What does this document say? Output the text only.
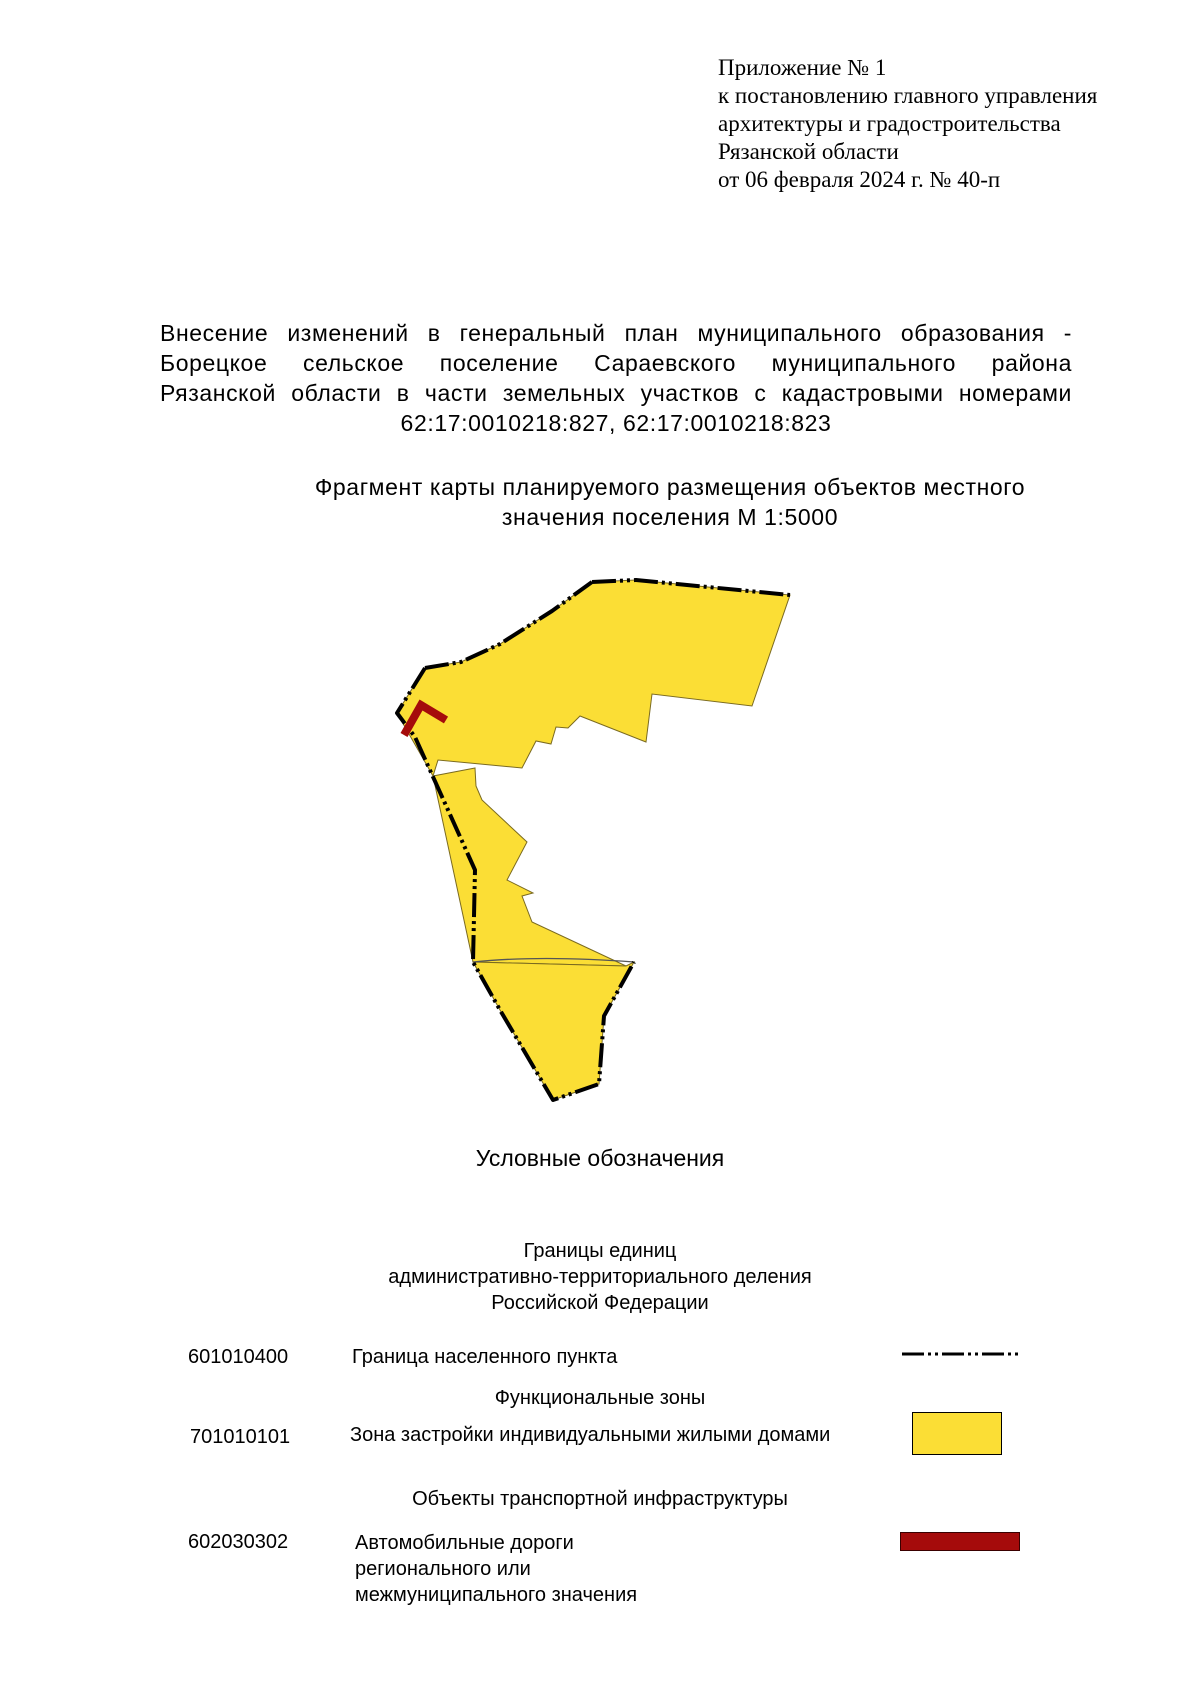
Приложение № 1
к постановлению главного управления
архитектуры и градостроительства
Рязанской области
от 06 февраля 2024 г. № 40-п
Внесение изменений в генеральный план муниципального образования -
Борецкое сельское поселение Сараевского муниципального района
Рязанской области в части земельных участков с кадастровыми номерами
62:17:0010218:827, 62:17:0010218:823
Фрагмент карты планируемого размещения объектов местного
значения поселения М 1:5000
Условные обозначения
Границы единиц
административно-территориального деления
Российской Федерации
601010400	Граница населенного пункта
Функциональные зоны
701010101	Зона застройки индивидуальными жилыми домами
Объекты транспортной инфраструктуры
602030302	Автомобильные дороги
регионального или
межмуниципального значения
